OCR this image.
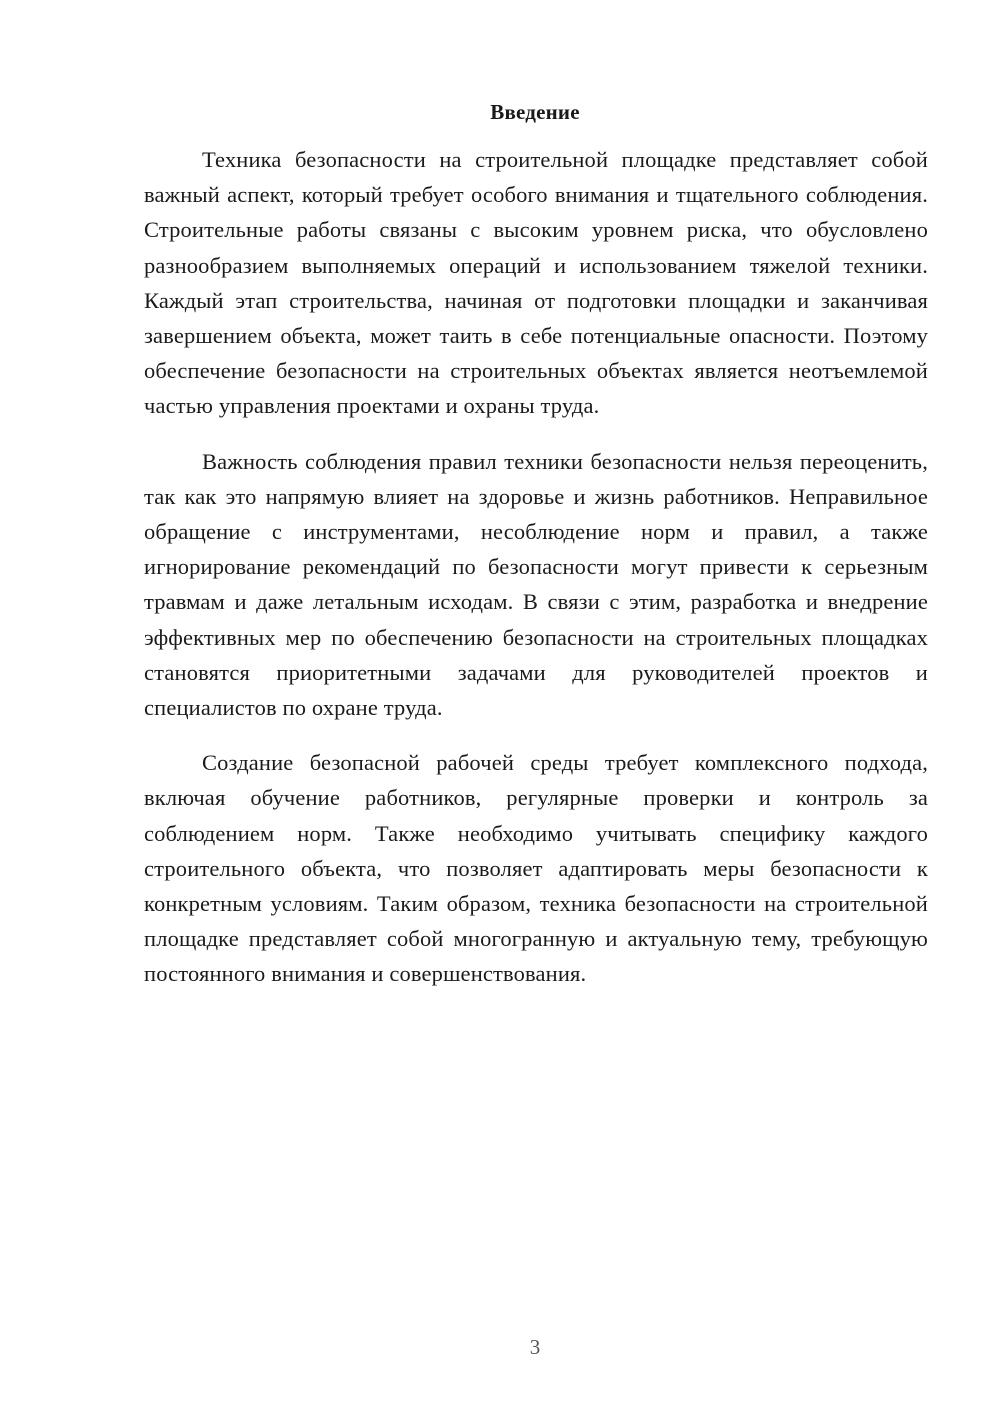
Введение

Техника безопасности на строительной площадке представляет собой важный аспект, который требует особого внимания и тщательного соблюдения. Строительные работы связаны с высоким уровнем риска, что обусловлено разнообразием выполняемых операций и использованием тяжелой техники. Каждый этап строительства, начиная от подготовки площадки и заканчивая завершением объекта, может таить в себе потенциальные опасности. Поэтому обеспечение безопасности на строительных объектах является неотъемлемой частью управления проектами и охраны труда.

Важность соблюдения правил техники безопасности нельзя переоценить, так как это напрямую влияет на здоровье и жизнь работников. Неправильное обращение с инструментами, несоблюдение норм и правил, а также игнорирование рекомендаций по безопасности могут привести к серьезным травмам и даже летальным исходам. В связи с этим, разработка и внедрение эффективных мер по обеспечению безопасности на строительных площадках становятся приоритетными задачами для руководителей проектов и специалистов по охране труда.

Создание безопасной рабочей среды требует комплексного подхода, включая обучение работников, регулярные проверки и контроль за соблюдением норм. Также необходимо учитывать специфику каждого строительного объекта, что позволяет адаптировать меры безопасности к конкретным условиям. Таким образом, техника безопасности на строительной площадке представляет собой многогранную и актуальную тему, требующую постоянного внимания и совершенствования.

3
